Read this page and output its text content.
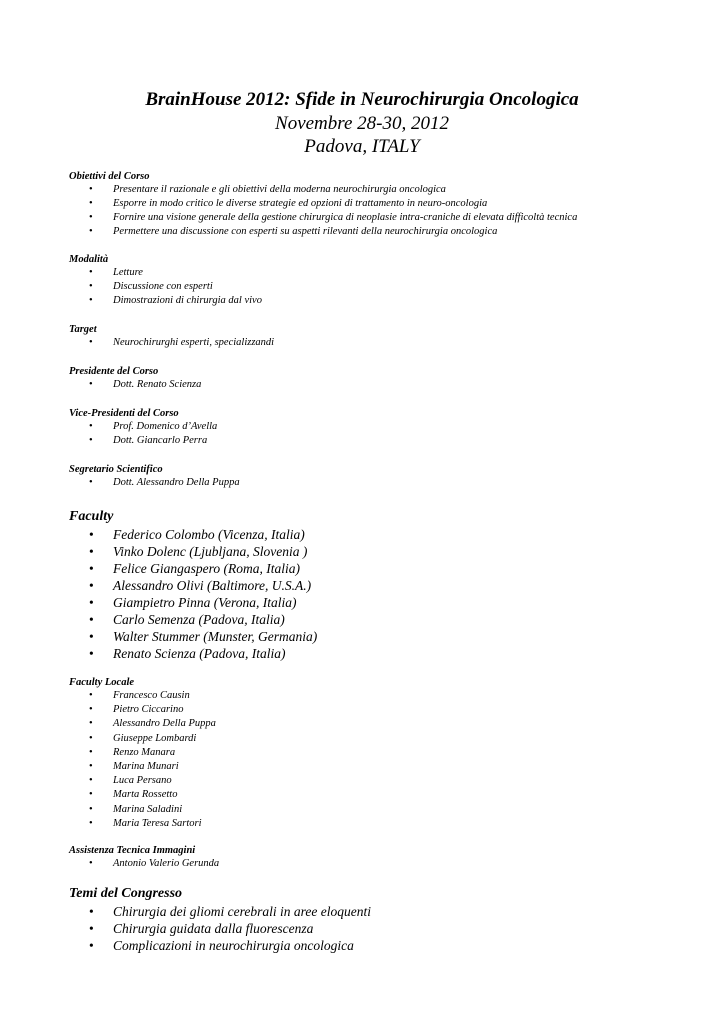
BrainHouse 2012: Sfide in Neurochirurgia Oncologica
Novembre 28-30, 2012
Padova, ITALY

Obiettivi del Corso

• Presentare il razionale e gli obiettivi della moderna neurochirurgia oncologica
• Esporre in modo critico le diverse strategie ed opzioni di trattamento in neuro-oncologia
• Fornire una visione generale della gestione chirurgica di neoplasie intra-craniche di elevata difficoltà tecnica
• Permettere una discussione con esperti su aspetti rilevanti della neurochirurgia oncologica

Modalità

• Letture
• Discussione con esperti
• Dimostrazioni di chirurgia dal vivo

Target

• Neurochirurghi esperti, specializzandi

Presidente del Corso

• Dott. Renato Scienza

Vice-Presidenti del Corso

• Prof. Domenico d’Avella
• Dott. Giancarlo Perra

Segretario Scientifico

• Dott. Alessandro Della Puppa

Faculty

• Federico Colombo (Vicenza, Italia)
• Vinko Dolenc (Ljubljana, Slovenia )
• Felice Giangaspero (Roma, Italia)
• Alessandro Olivi (Baltimore, U.S.A.)
• Giampietro Pinna (Verona, Italia)
• Carlo Semenza (Padova, Italia)
• Walter Stummer (Munster, Germania)
• Renato Scienza (Padova, Italia)

Faculty Locale

• Francesco Causin
• Pietro Ciccarino
• Alessandro Della Puppa
• Giuseppe Lombardi
• Renzo Manara
• Marina Munari
• Luca Persano
• Marta Rossetto
• Marina Saladini
• Maria Teresa Sartori

Assistenza Tecnica Immagini

• Antonio Valerio Gerunda

Temi del Congresso

• Chirurgia dei gliomi cerebrali in aree eloquenti
• Chirurgia guidata dalla fluorescenza
• Complicazioni in neurochirurgia oncologica
